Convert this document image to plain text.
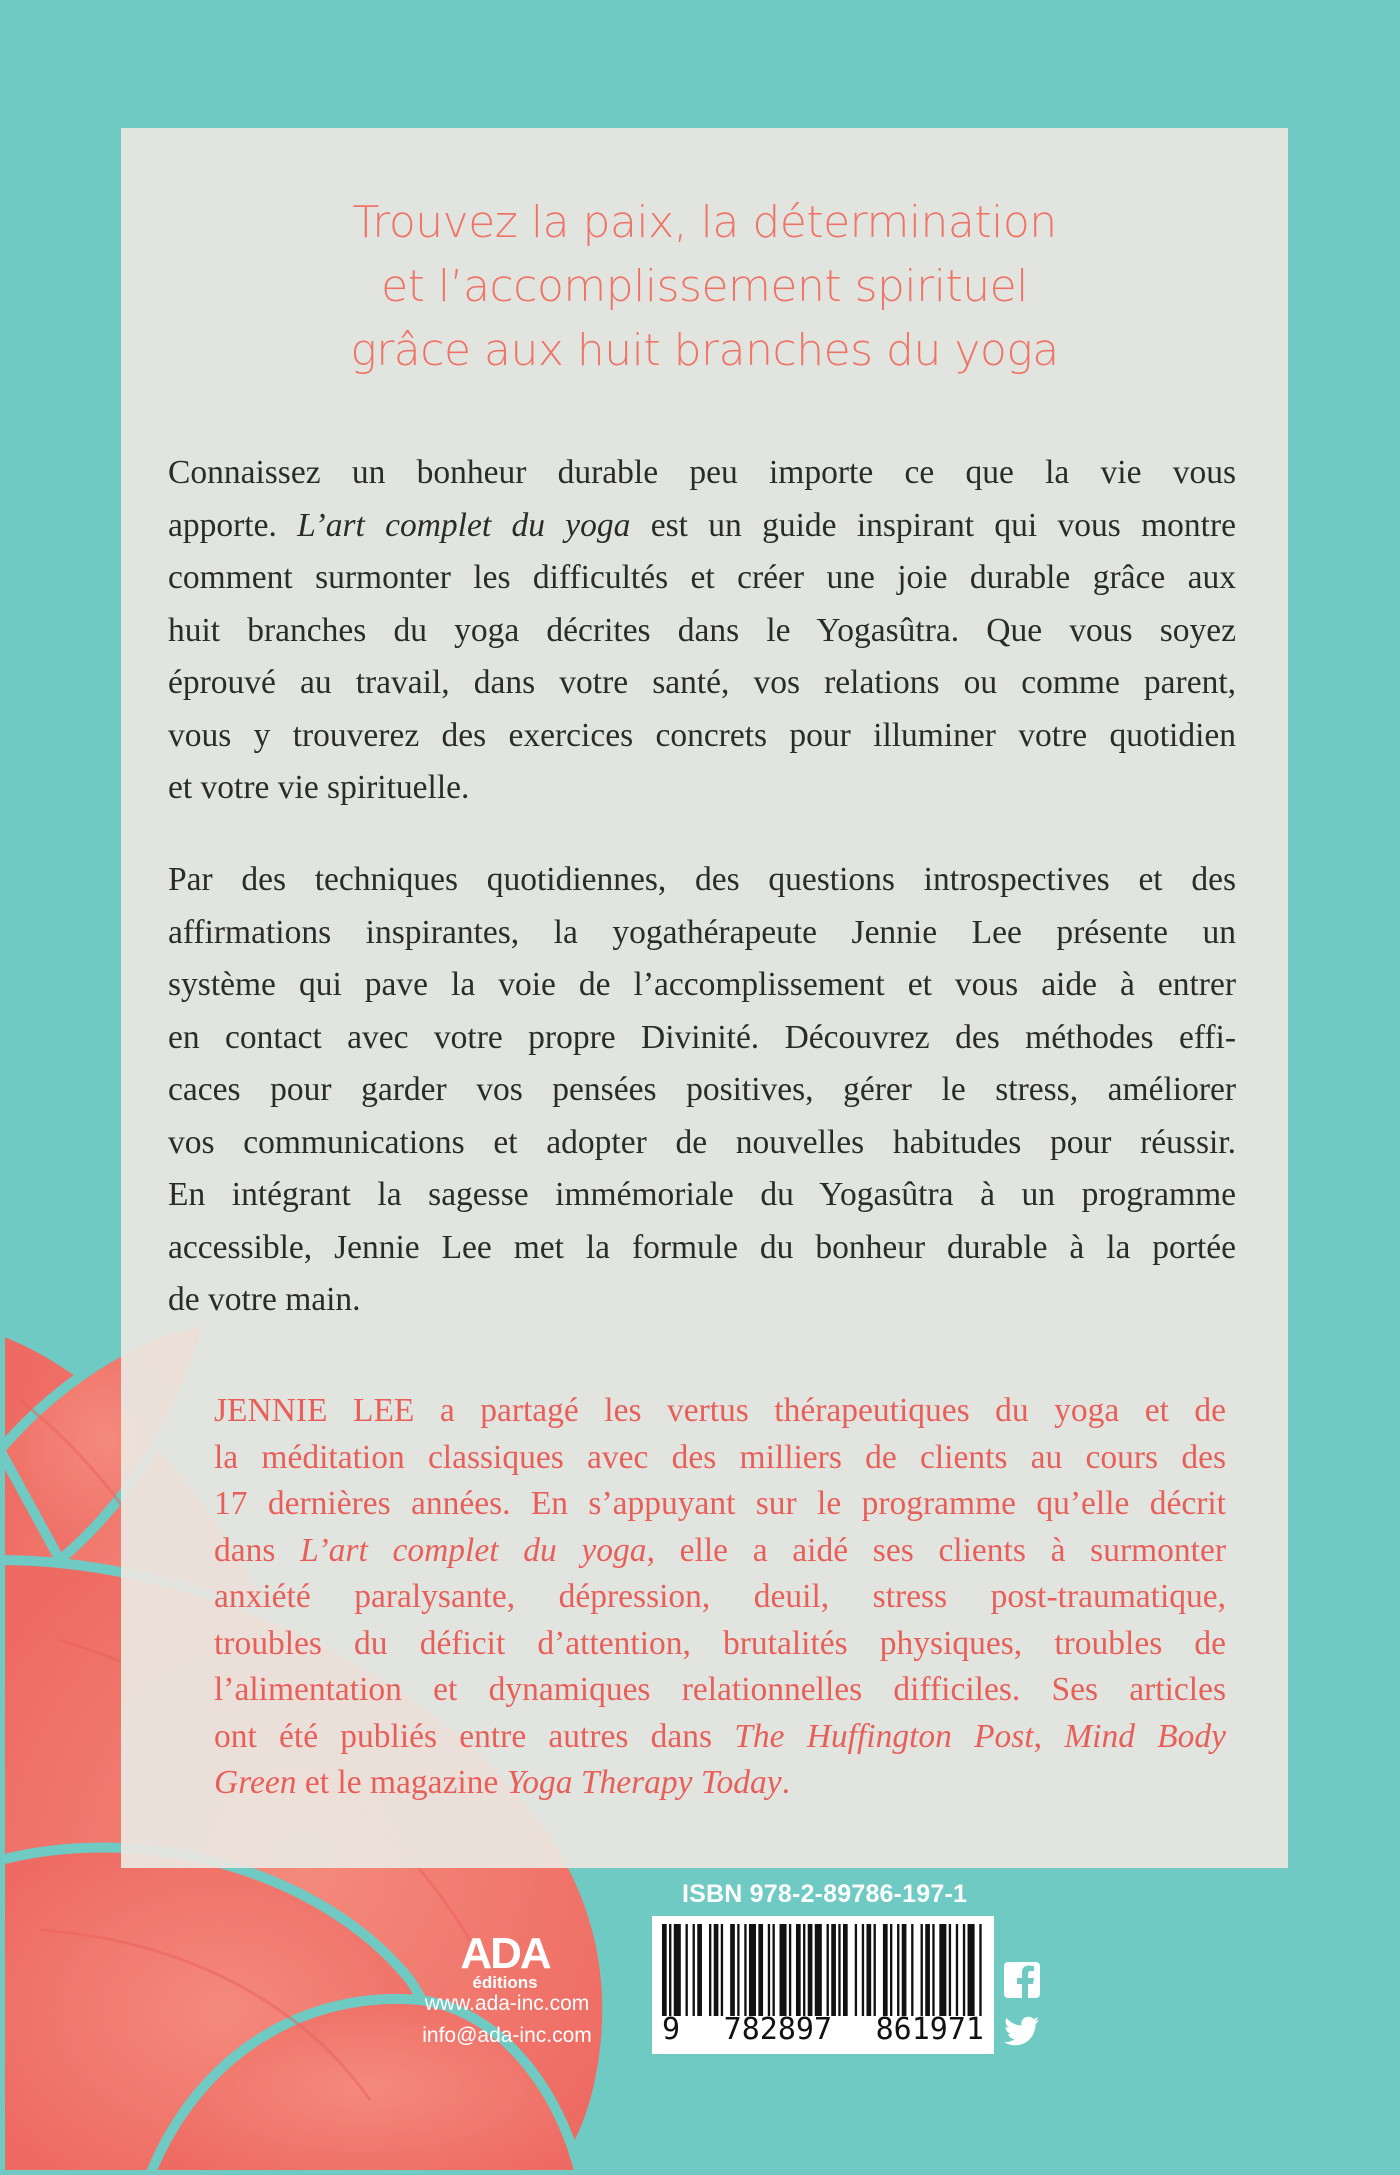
Trouvez la paix, la détermination
et l’accomplissement spirituel
grâce aux huit branches du yoga

Connaissez un bonheur durable peu importe ce que la vie vous
apporte. L’art complet du yoga est un guide inspirant qui vous montre
comment surmonter les difficultés et créer une joie durable grâce aux
huit branches du yoga décrites dans le Yogasûtra. Que vous soyez
éprouvé au travail, dans votre santé, vos relations ou comme parent,
vous y trouverez des exercices concrets pour illuminer votre quotidien
et votre vie spirituelle.

Par des techniques quotidiennes, des questions introspectives et des
affirmations inspirantes, la yogathérapeute Jennie Lee présente un
système qui pave la voie de l’accomplissement et vous aide à entrer
en contact avec votre propre Divinité. Découvrez des méthodes effi-
caces pour garder vos pensées positives, gérer le stress, améliorer
vos communications et adopter de nouvelles habitudes pour réussir.
En intégrant la sagesse immémoriale du Yogasûtra à un programme
accessible, Jennie Lee met la formule du bonheur durable à la portée
de votre main.

JENNIE LEE a partagé les vertus thérapeutiques du yoga et de
la méditation classiques avec des milliers de clients au cours des
17 dernières années. En s’appuyant sur le programme qu’elle décrit
dans L’art complet du yoga, elle a aidé ses clients à surmonter
anxiété paralysante, dépression, deuil, stress post-traumatique,
troubles du déficit d’attention, brutalités physiques, troubles de
l’alimentation et dynamiques relationnelles difficiles. Ses articles
ont été publiés entre autres dans The Huffington Post, Mind Body
Green et le magazine Yoga Therapy Today.

ADA
éditions
www.ada-inc.com
info@ada-inc.com
ISBN 978-2-89786-197-1
9 782897 861971
